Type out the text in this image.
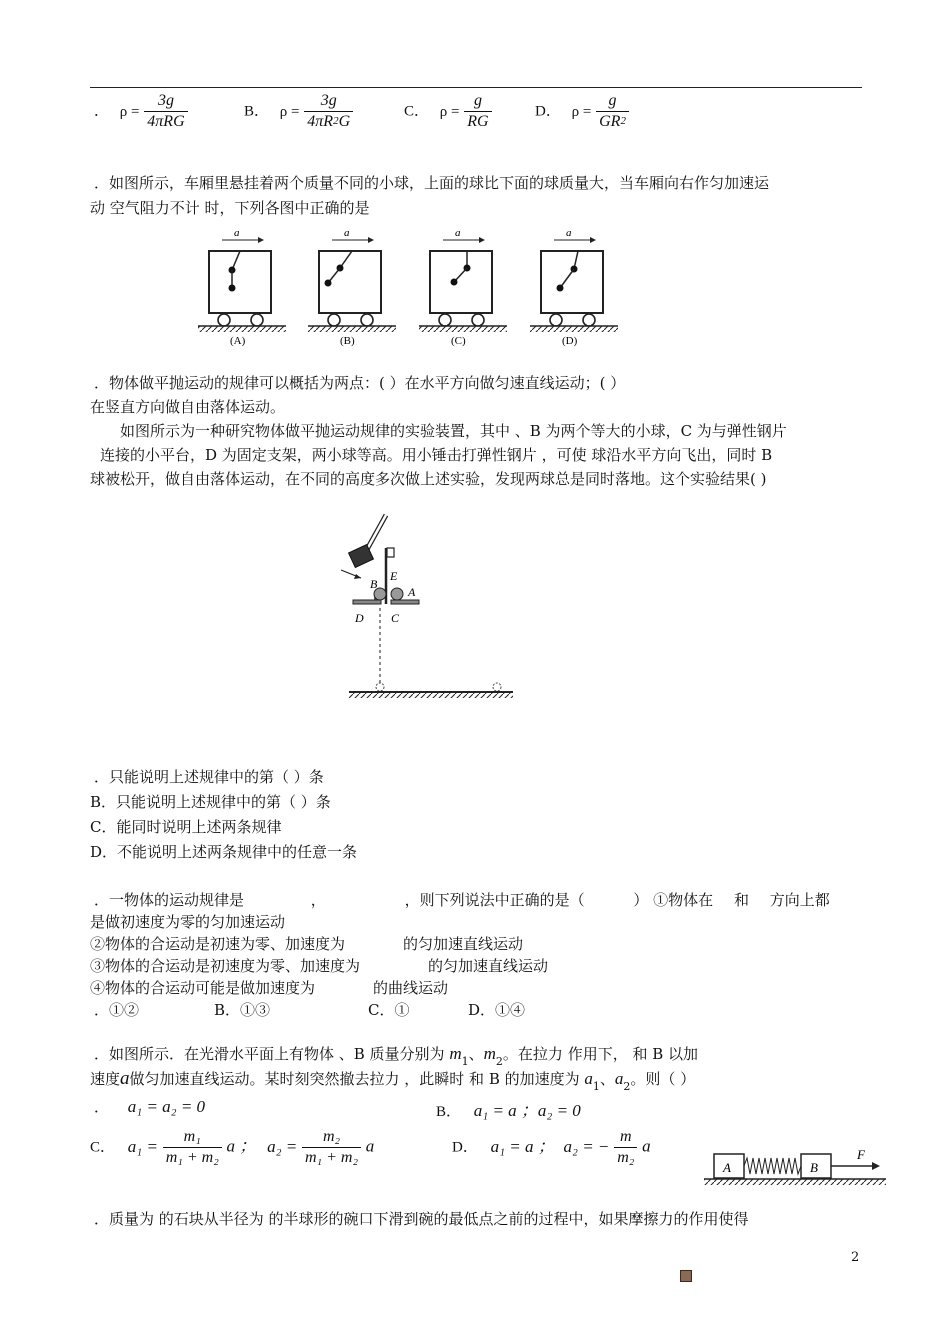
． $\rho = \frac{3g}{\text{4πRG}}$	B． $\rho = \frac{3g}{4\pi R2G}$	C． $\rho = \frac{g}{RG}$	D． $\rho = \frac{g}{GR2}$
．如图所示，车厢里悬挂着两个质量不同的小球，上面的球比下面的球质量大，当车厢向右作匀加速运
动 空气阻力不计 时，下列各图中正确的是
a
(A)
a
(B)
a
(C)
a
(D)
．物体做平抛运动的规律可以概括为两点：( ）在水平方向做匀速直线运动；( ）
在竖直方向做自由落体运动。
如图所示为一种研究物体做平抛运动规律的实验装置，其中 、B 为两个等大的小球，C 为与弹性钢片
连接的小平台，D 为固定支架，两小球等高。用小锤击打弹性钢片 ，可使 球沿水平方向飞出，同时 B
球被松开，做自由落体运动，在不同的高度多次做上述实验，发现两球总是同时落地。这个实验结果( )
B
E
A
D C
．只能说明上述规律中的第（ ）条
B．只能说明上述规律中的第（ ）条
C．能同时说明上述两条规律
D．不能说明上述两条规律中的任意一条
．一物体的运动规律是	，	，则下列说法中正确的是（	） ①物体在 和 方向上都
是做初速度为零的匀加速运动
②物体的合运动是初速为零、加速度为	的匀加速直线运动
③物体的合运动是初速度为零、加速度为	的匀加速直线运动
④物体的合运动可能是做加速度为	的曲线运动
．①②	B．①③	C．①	D．①④
．如图所示．在光滑水平面上有物体 、B 质量分别为 $m_1$、$m_2$。在拉力 作用下， 和 B 以加
速度a做匀加速直线运动。某时刻突然撤去拉力 ，此瞬时 和 B 的加速度为 $a_1$、$a_2$。则（ ）
． a₁ = a₂ = 0	B． a₁ = a ；a₂ = 0
C． $a_1 = \frac{\text{m₁}}{\text{m₁ + m₂}}$ a ； $a_2 = \frac{\text{m₂}}{\text{m₁ + m₂}}$ a	D． a₁ = a ； a₂ = − $\frac{m}{\text{m₂}}$ a
A	B
F
．质量为 的石块从半径为 的半球形的碗口下滑到碗的最低点之前的过程中，如果摩擦力的作用使得
2
